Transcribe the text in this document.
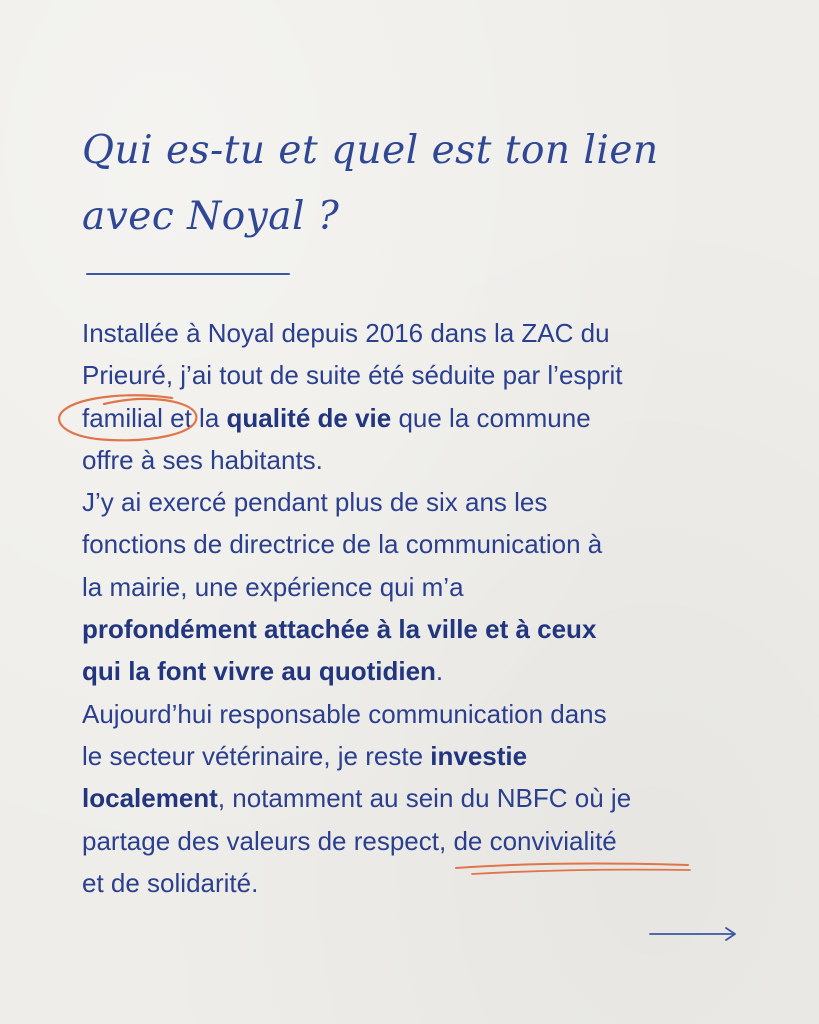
Qui es-tu et quel est ton lien
avec Noyal ?
Installée à Noyal depuis 2016 dans la ZAC du
Prieuré, j’ai tout de suite été séduite par l’esprit
familial et la qualité de vie que la commune
offre à ses habitants.
J’y ai exercé pendant plus de six ans les
fonctions de directrice de la communication à
la mairie, une expérience qui m’a
profondément attachée à la ville et à ceux
qui la font vivre au quotidien.
Aujourd’hui responsable communication dans
le secteur vétérinaire, je reste investie
localement, notamment au sein du NBFC où je
partage des valeurs de respect, de convivialité
et de solidarité.
